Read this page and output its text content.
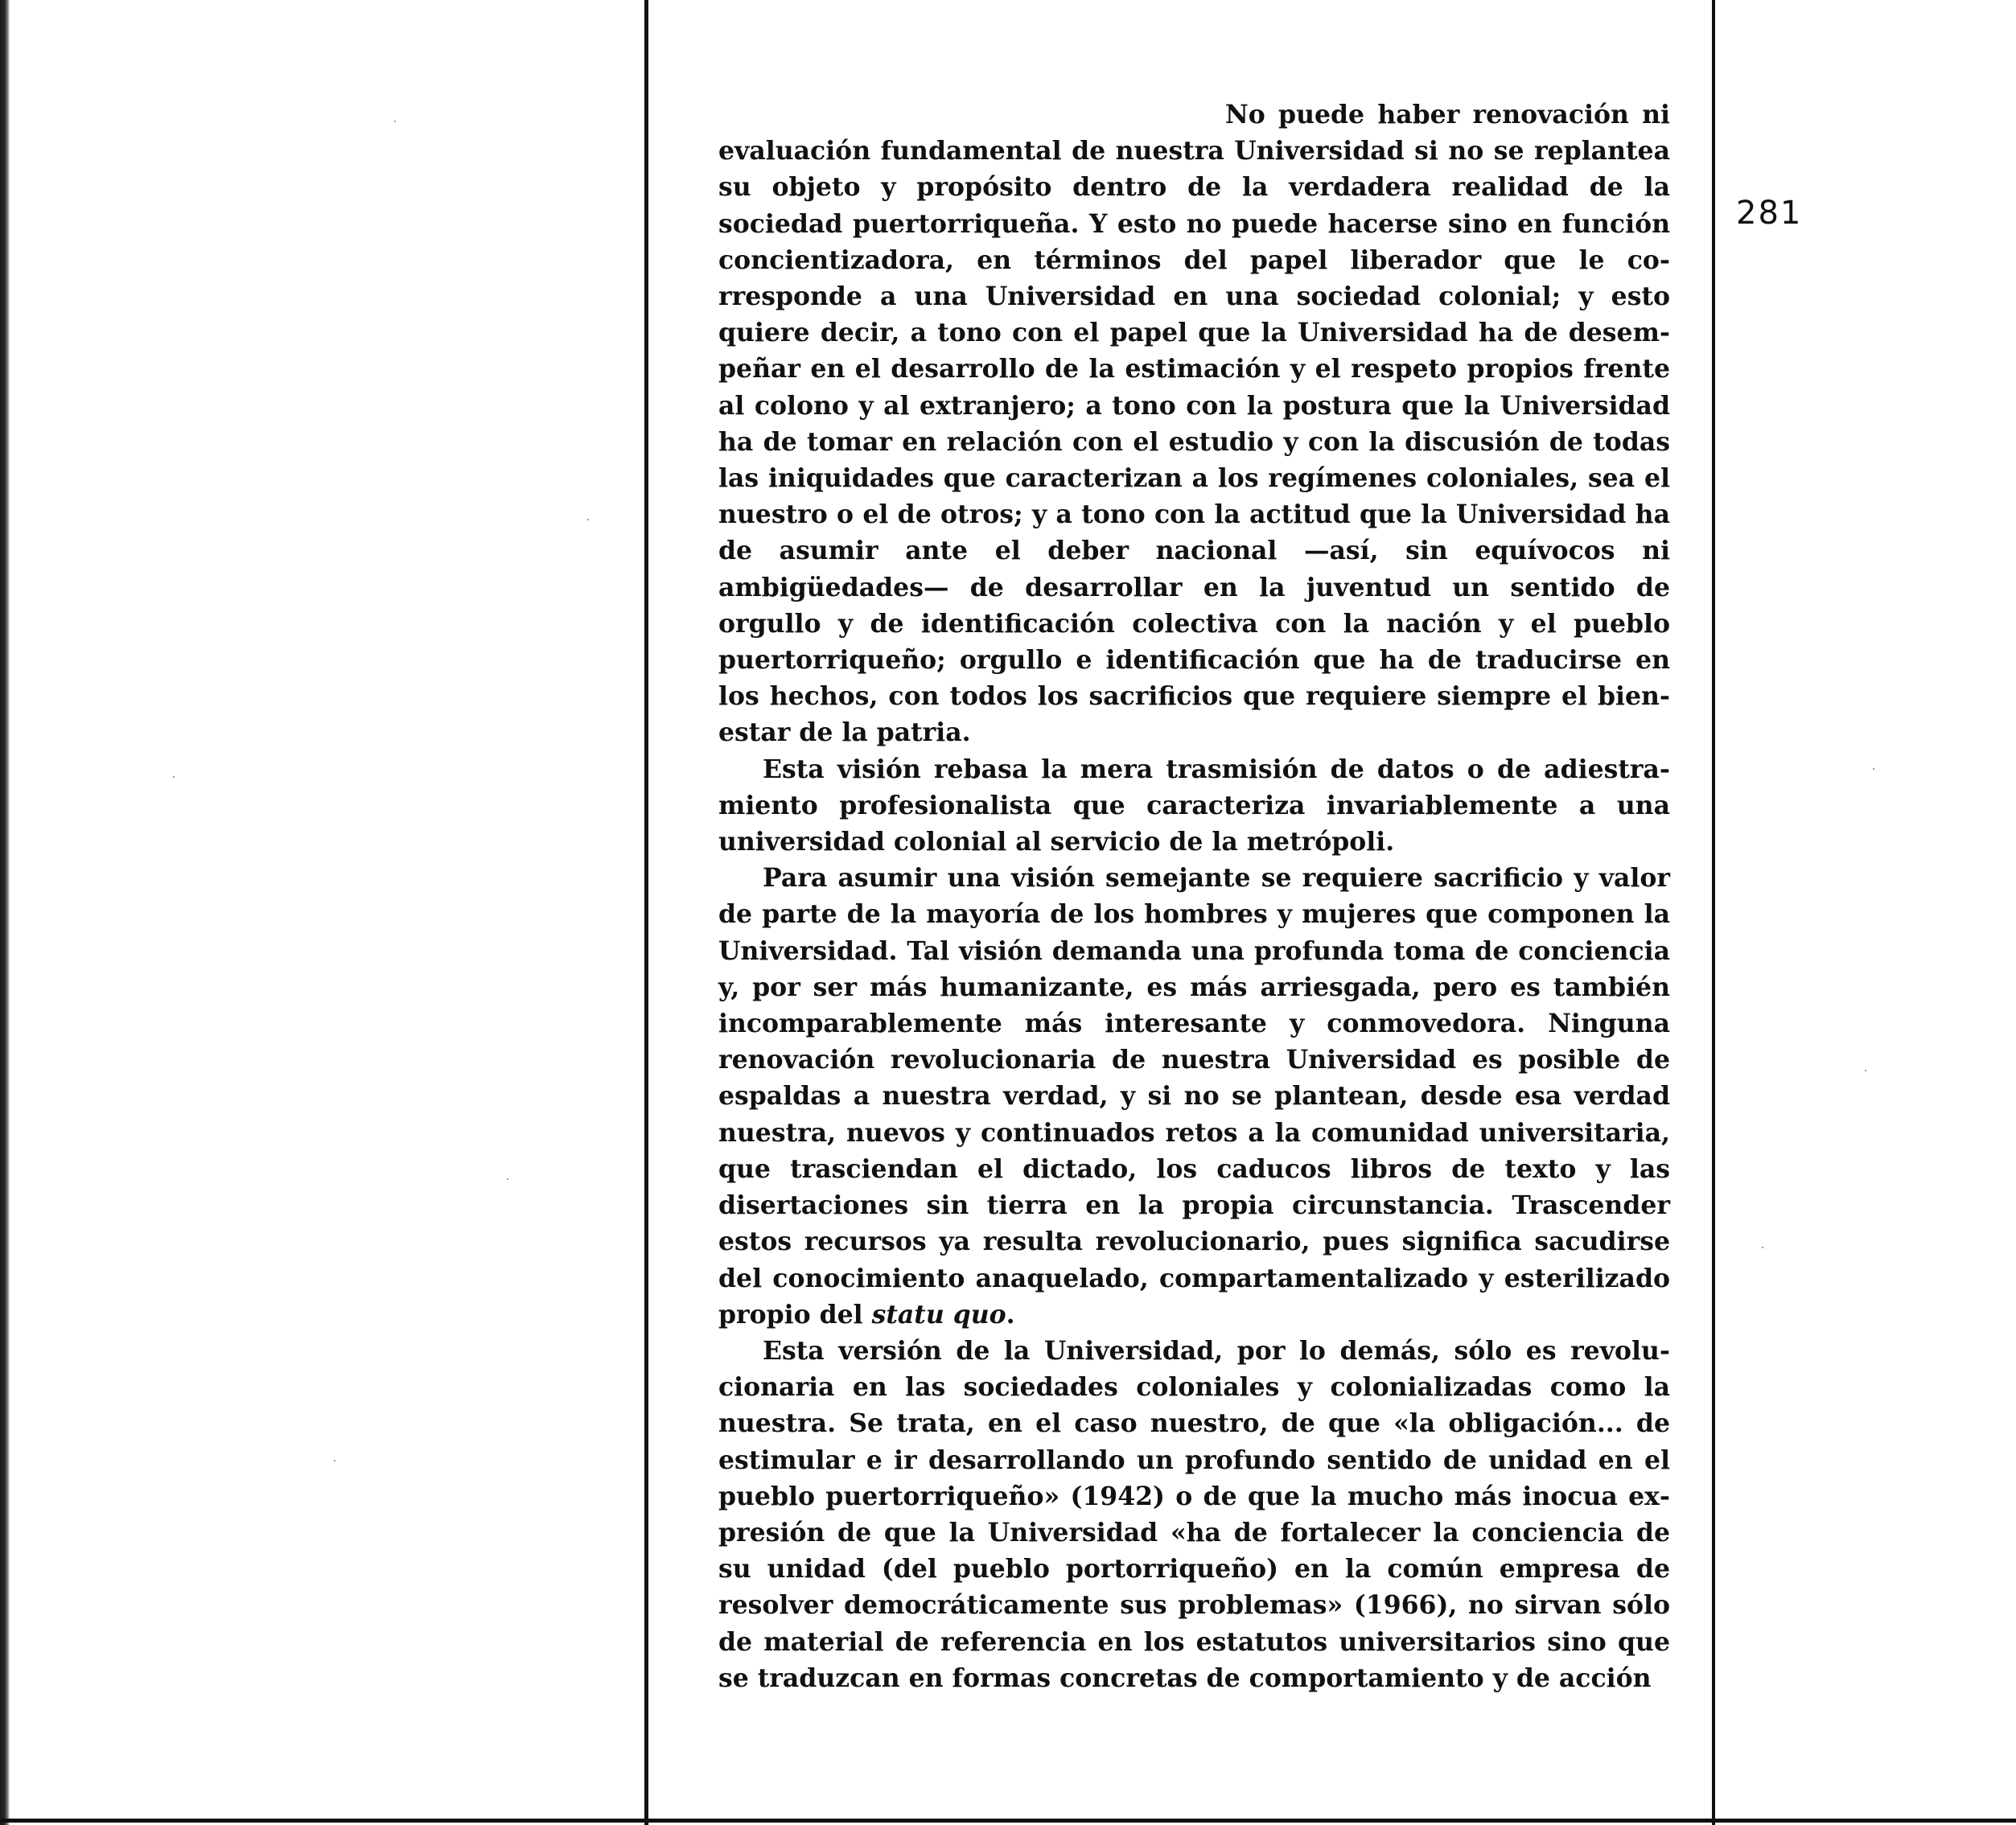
281

No puede haber renovación ni evaluación fundamental de nuestra Universidad si no se replantea su objeto y propósito dentro de la verdadera realidad de la sociedad puertorriqueña. Y esto no puede hacerse sino en función concientizadora, en términos del papel liberador que le corresponde a una Universidad en una sociedad colonial; y esto quiere decir, a tono con el papel que la Universidad ha de desempeñar en el desarrollo de la estimación y el respeto propios frente al colono y al extranjero; a tono con la postura que la Universidad ha de tomar en relación con el estudio y con la discusión de todas las iniquidades que caracterizan a los regímenes coloniales, sea el nuestro o el de otros; y a tono con la actitud que la Universidad ha de asumir ante el deber nacional —así, sin equívocos ni ambigüedades— de desarrollar en la juventud un sentido de orgullo y de identificación colectiva con la nación y el pueblo puertorriqueño; orgullo e identificación que ha de traducirse en los hechos, con todos los sacrificios que requiere siempre el bienestar de la patria.

Esta visión rebasa la mera trasmisión de datos o de adiestramiento profesionalista que caracteriza invariablemente a una universidad colonial al servicio de la metrópoli.

Para asumir una visión semejante se requiere sacrificio y valor de parte de la mayoría de los hombres y mujeres que componen la Universidad. Tal visión demanda una profunda toma de conciencia y, por ser más humanizante, es más arriesgada, pero es también incomparablemente más interesante y conmovedora. Ninguna renovación revolucionaria de nuestra Universidad es posible de espaldas a nuestra verdad, y si no se plantean, desde esa verdad nuestra, nuevos y continuados retos a la comunidad universitaria, que trasciendan el dictado, los caducos libros de texto y las disertaciones sin tierra en la propia circunstancia. Trascender estos recursos ya resulta revolucionario, pues significa sacudirse del conocimiento anaquelado, compartamentalizado y esterilizado propio del statu quo.

Esta versión de la Universidad, por lo demás, sólo es revolucionaria en las sociedades coloniales y colonializadas como la nuestra. Se trata, en el caso nuestro, de que «la obligación... de estimular e ir desarrollando un profundo sentido de unidad en el pueblo puertorriqueño» (1942) o de que la mucho más inocua expresión de que la Universidad «ha de fortalecer la conciencia de su unidad (del pueblo portorriqueño) en la común empresa de resolver democráticamente sus problemas» (1966), no sirvan sólo de material de referencia en los estatutos universitarios sino que se traduzcan en formas concretas de comportamiento y de acción
